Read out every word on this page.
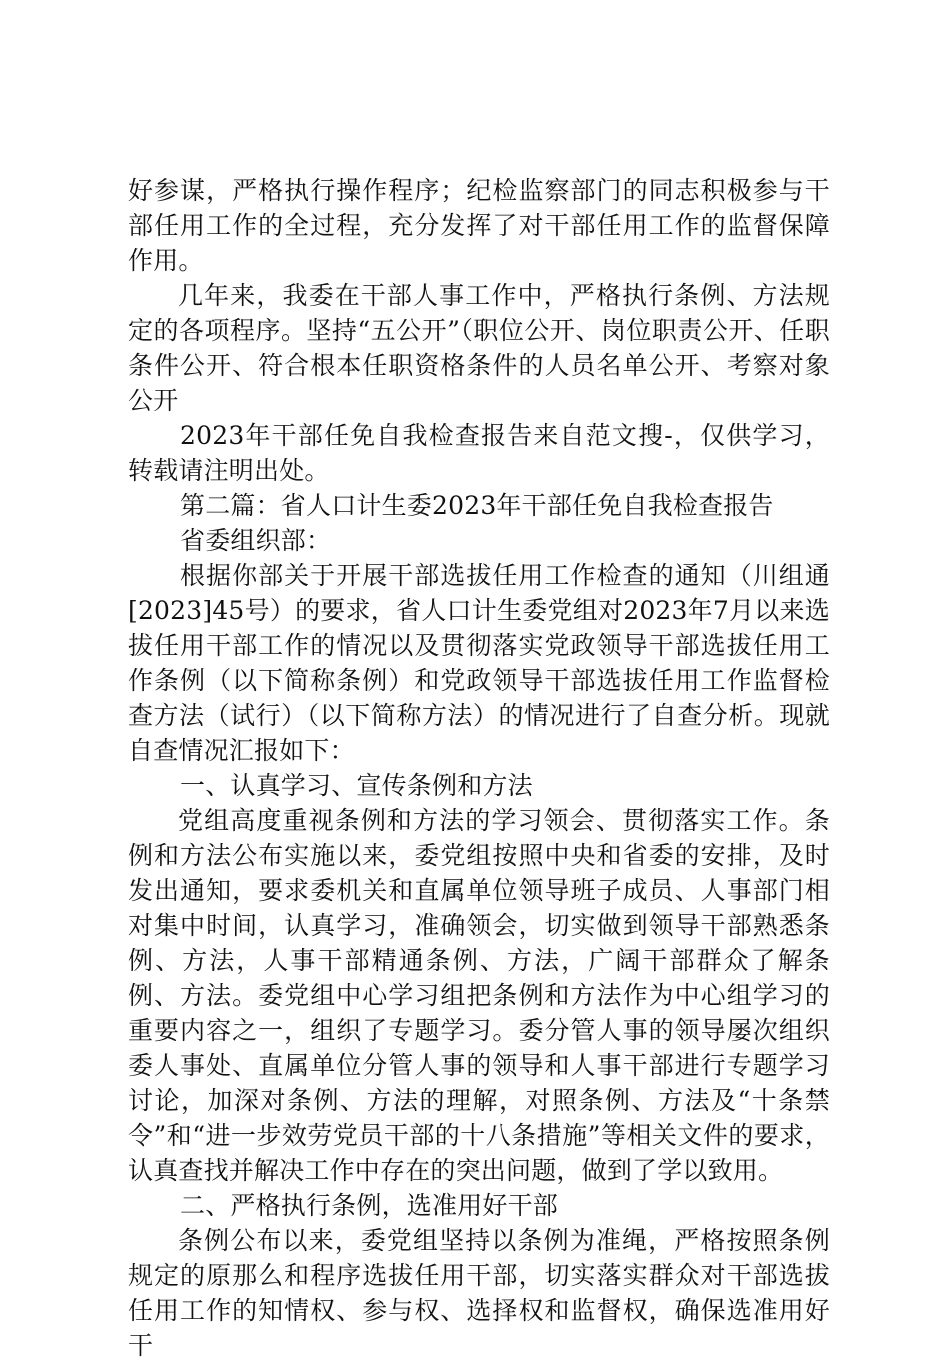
好参谋，严格执行操作程序；纪检监察部门的同志积极参与干部任用工作的全过程，充分发挥了对干部任用工作的监督保障作用。

几年来，我委在干部人事工作中，严格执行条例、方法规定的各项程序。坚持“五公开”（职位公开、岗位职责公开、任职条件公开、符合根本任职资格条件的人员名单公开、考察对象公开

2023年干部任免自我检查报告来自范文搜-，仅供学习，转载请注明出处。

第二篇：省人口计生委2023年干部任免自我检查报告

省委组织部：

根据你部关于开展干部选拔任用工作检查的通知（川组通[2023]45号）的要求，省人口计生委党组对2023年7月以来选拔任用干部工作的情况以及贯彻落实党政领导干部选拔任用工作条例（以下简称条例）和党政领导干部选拔任用工作监督检查方法（试行）（以下简称方法）的情况进行了自查分析。现就自查情况汇报如下：

一、认真学习、宣传条例和方法

党组高度重视条例和方法的学习领会、贯彻落实工作。条例和方法公布实施以来，委党组按照中央和省委的安排，及时发出通知，要求委机关和直属单位领导班子成员、人事部门相对集中时间，认真学习，准确领会，切实做到领导干部熟悉条例、方法，人事干部精通条例、方法，广阔干部群众了解条例、方法。委党组中心学习组把条例和方法作为中心组学习的重要内容之一，组织了专题学习。委分管人事的领导屡次组织委人事处、直属单位分管人事的领导和人事干部进行专题学习讨论，加深对条例、方法的理解，对照条例、方法及“十条禁令”和“进一步效劳党员干部的十八条措施”等相关文件的要求，认真查找并解决工作中存在的突出问题，做到了学以致用。

二、严格执行条例，选准用好干部

条例公布以来，委党组坚持以条例为准绳，严格按照条例规定的原那么和程序选拔任用干部，切实落实群众对干部选拔任用工作的知情权、参与权、选择权和监督权，确保选准用好干
